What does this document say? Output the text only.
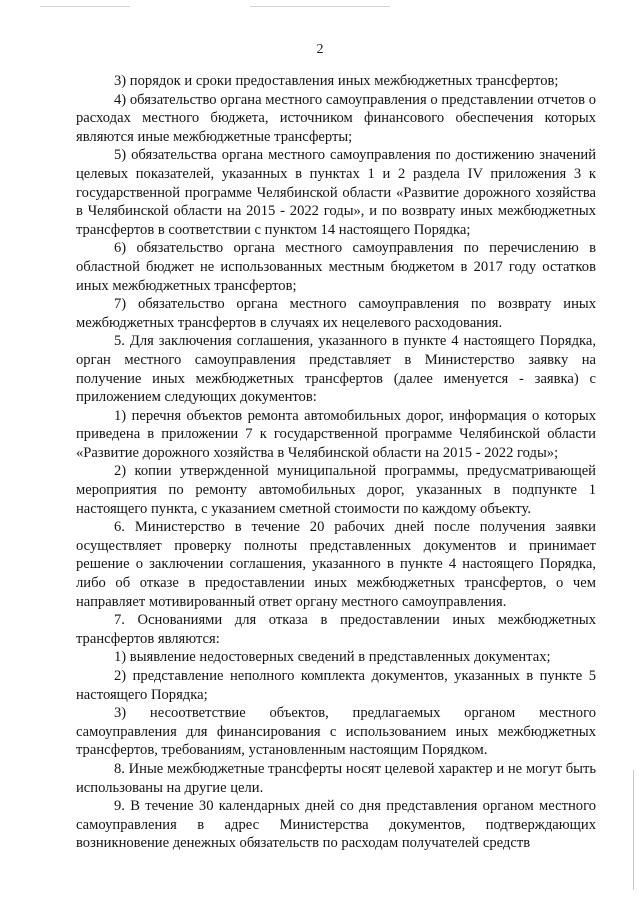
2

3) порядок и сроки предоставления иных межбюджетных трансфертов;

4) обязательство органа местного самоуправления о представлении отчетов о расходах местного бюджета, источником финансового обеспечения которых являются иные межбюджетные трансферты;

5) обязательства органа местного самоуправления по достижению значений целевых показателей, указанных в пунктах 1 и 2 раздела IV приложения 3 к государственной программе Челябинской области «Развитие дорожного хозяйства в Челябинской области на 2015 - 2022 годы», и по возврату иных межбюджетных трансфертов в соответствии с пунктом 14 настоящего Порядка;

6) обязательство органа местного самоуправления по перечислению в областной бюджет не использованных местным бюджетом в 2017 году остатков иных межбюджетных трансфертов;

7) обязательство органа местного самоуправления по возврату иных межбюджетных трансфертов в случаях их нецелевого расходования.

5. Для заключения соглашения, указанного в пункте 4 настоящего Порядка, орган местного самоуправления представляет в Министерство заявку на получение иных межбюджетных трансфертов (далее именуется - заявка) с приложением следующих документов:

1) перечня объектов ремонта автомобильных дорог, информация о которых приведена в приложении 7 к государственной программе Челябинской области «Развитие дорожного хозяйства в Челябинской области на 2015 - 2022 годы»;

2) копии утвержденной муниципальной программы, предусматривающей мероприятия по ремонту автомобильных дорог, указанных в подпункте 1 настоящего пункта, с указанием сметной стоимости по каждому объекту.

6. Министерство в течение 20 рабочих дней после получения заявки осуществляет проверку полноты представленных документов и принимает решение о заключении соглашения, указанного в пункте 4 настоящего Порядка, либо об отказе в предоставлении иных межбюджетных трансфертов, о чем направляет мотивированный ответ органу местного самоуправления.

7. Основаниями для отказа в предоставлении иных межбюджетных трансфертов являются:

1) выявление недостоверных сведений в представленных документах;

2) представление неполного комплекта документов, указанных в пункте 5 настоящего Порядка;

3) несоответствие объектов, предлагаемых органом местного самоуправления для финансирования с использованием иных межбюджетных трансфертов, требованиям, установленным настоящим Порядком.

8. Иные межбюджетные трансферты носят целевой характер и не могут быть использованы на другие цели.

9. В течение 30 календарных дней со дня представления органом местного самоуправления в адрес Министерства документов, подтверждающих возникновение денежных обязательств по расходам получателей средств
